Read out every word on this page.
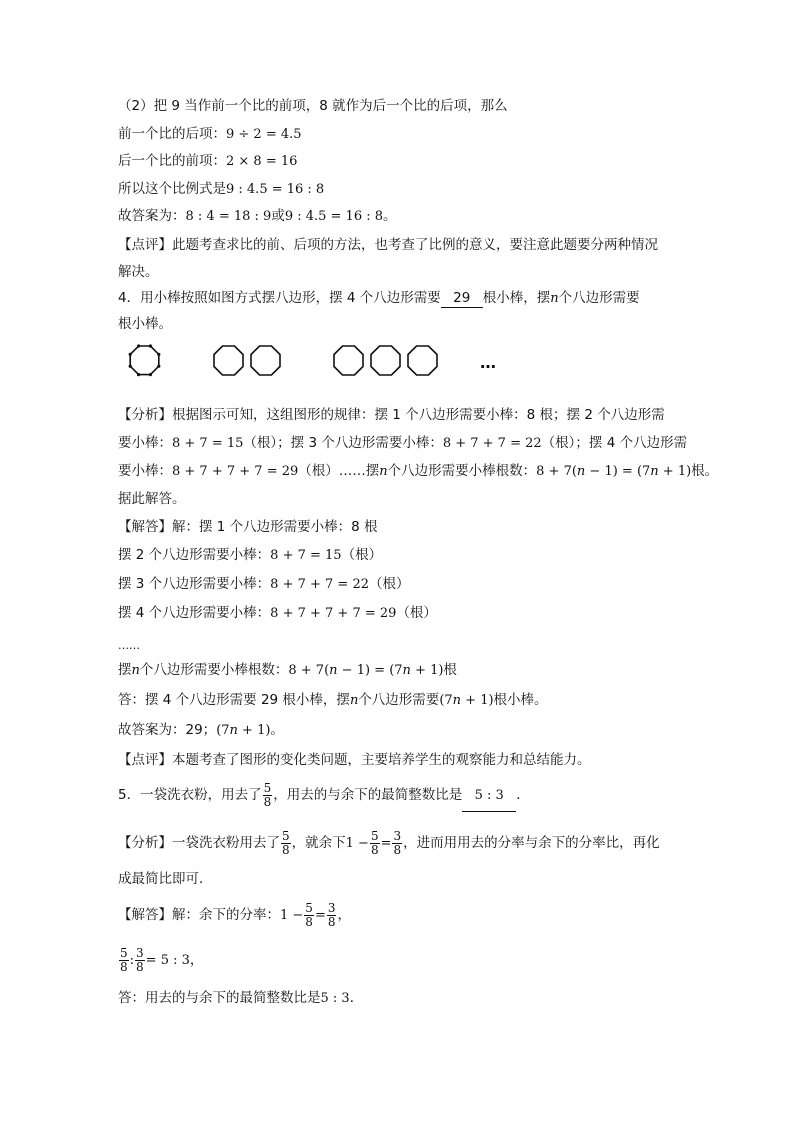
（2）把 9 当作前一个比的前项，8 就作为后一个比的后项，那么
前一个比的后项：9 ÷ 2 = 4.5
后一个比的前项：2 × 8 = 16
所以这个比例式是9 : 4.5 = 16 : 8
故答案为：8 : 4 = 18 : 9或9 : 4.5 = 16 : 8。
【点评】此题考查求比的前、后项的方法，也考查了比例的意义，要注意此题要分两种情况
解决。
4．用小棒按照如图方式摆八边形，摆 4 个八边形需要 29 根小棒，摆n个八边形需要
根小棒。
…
【分析】根据图示可知，这组图形的规律：摆 1 个八边形需要小棒：8 根；摆 2 个八边形需
要小棒：8 + 7 = 15（根）；摆 3 个八边形需要小棒：8 + 7 + 7 = 22（根）；摆 4 个八边形需
要小棒：8 + 7 + 7 + 7 = 29（根）……摆n个八边形需要小棒根数：8 + 7(n − 1) = (7n + 1)根。
据此解答。
【解答】解：摆 1 个八边形需要小棒：8 根
摆 2 个八边形需要小棒：8 + 7 = 15（根）
摆 3 个八边形需要小棒：8 + 7 + 7 = 22（根）
摆 4 个八边形需要小棒：8 + 7 + 7 + 7 = 29（根）
……
摆n个八边形需要小棒根数：8 + 7(n − 1) = (7n + 1)根
答：摆 4 个八边形需要 29 根小棒，摆n个八边形需要(7n + 1)根小棒。
故答案为：29；(7n + 1)。
【点评】本题考查了图形的变化类问题，主要培养学生的观察能力和总结能力。
5．一袋洗衣粉，用去了 $\frac{5}{8}$ ，用去的与余下的最简整数比是 5 : 3 ．
【分析】一袋洗衣粉用去了 $\frac{5}{8}$ ，就余下$1 - \frac{5}{8} = \frac{3}{8}$ ，进而用用去的分率与余下的分率比，再化
成最简比即可．
【解答】解：余下的分率：$1 - \frac{5}{8} = \frac{3}{8}$ ，
$\frac{5}{8}$ : $\frac{3}{8} = 5$ : 3，
答：用去的与余下的最简整数比是5 : 3．
